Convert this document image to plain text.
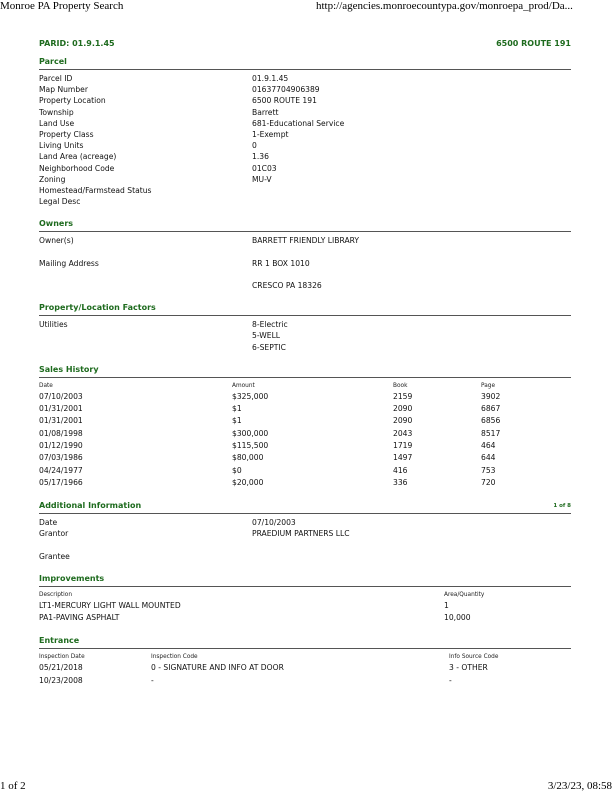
Monroe PA Property Search	http://agencies.monroecountypa.gov/monroepa_prod/Da...
PARID: 01.9.1.45	6500 ROUTE 191
Parcel
Parcel ID	01.9.1.45
Map Number	01637704906389
Property Location	6500 ROUTE 191
Township	Barrett
Land Use	681-Educational Service
Property Class	1-Exempt
Living Units	0
Land Area (acreage)	1.36
Neighborhood Code	01C03
Zoning	MU-V
Homestead/Farmstead Status
Legal Desc
Owners
Owner(s)	BARRETT FRIENDLY LIBRARY
Mailing Address	RR 1 BOX 1010
CRESCO PA 18326
Property/Location Factors
Utilities	8-Electric
5-WELL
6-SEPTIC
Sales History
Date	Amount	Book	Page
07/10/2003	$325,000	2159	3902
01/31/2001	$1	2090	6867
01/31/2001	$1	2090	6856
01/08/1998	$300,000	2043	8517
01/12/1990	$115,500	1719	464
07/03/1986	$80,000	1497	644
04/24/1977	$0	416	753
05/17/1966	$20,000	336	720
Additional Information	1 of 8
Date	07/10/2003
Grantor	PRAEDIUM PARTNERS LLC
Grantee
Improvements
Description	Area/Quantity
LT1-MERCURY LIGHT WALL MOUNTED	1
PA1-PAVING ASPHALT	10,000
Entrance
Inspection Date	Inspection Code	Info Source Code
05/21/2018	0 - SIGNATURE AND INFO AT DOOR	3 - OTHER
10/23/2008	-	-
1 of 2	3/23/23, 08:58
